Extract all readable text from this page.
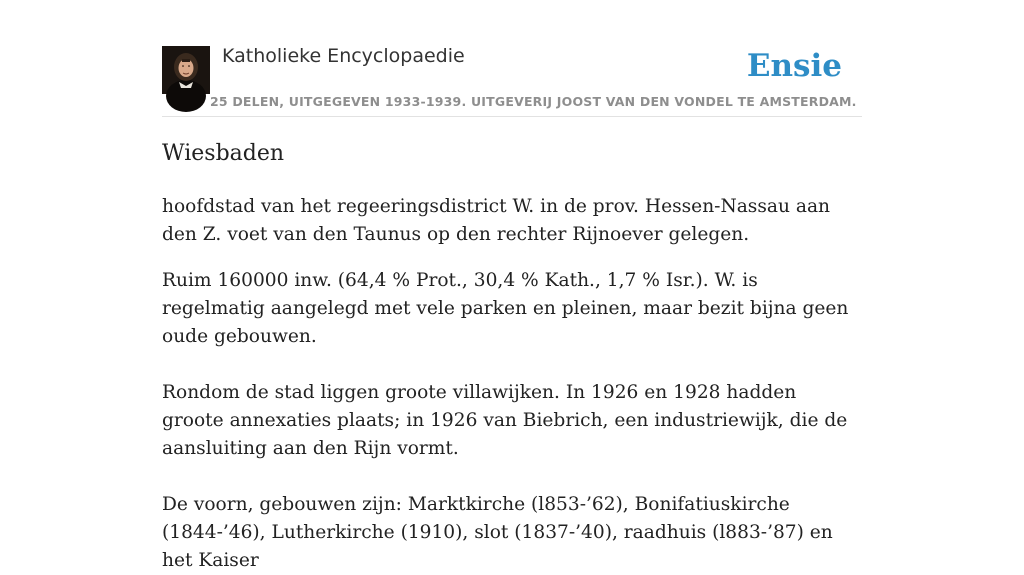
Katholieke Encyclopaedie
25 DELEN, UITGEGEVEN 1933-1939. UITGEVERIJ JOOST VAN DEN VONDEL TE AMSTERDAM.
Ensie
Wiesbaden

hoofdstad van het regeeringsdistrict W. in de prov. Hessen-Nassau aan den Z. voet van den Taunus op den rechter Rijnoever gelegen.

Ruim 160000 inw. (64,4 % Prot., 30,4 % Kath., 1,7 % Isr.). W. is regelmatig aangelegd met vele parken en pleinen, maar bezit bijna geen oude gebouwen.

Rondom de stad liggen groote villawijken. In 1926 en 1928 hadden groote annexaties plaats; in 1926 van Biebrich, een industriewijk, die de aansluiting aan den Rijn vormt.

De voorn, gebouwen zijn: Marktkirche (l853-’62), Bonifatiuskirche (1844-’46), Lutherkirche (1910), slot (1837-’40), raadhuis (l883-’87) en het Kaiser
